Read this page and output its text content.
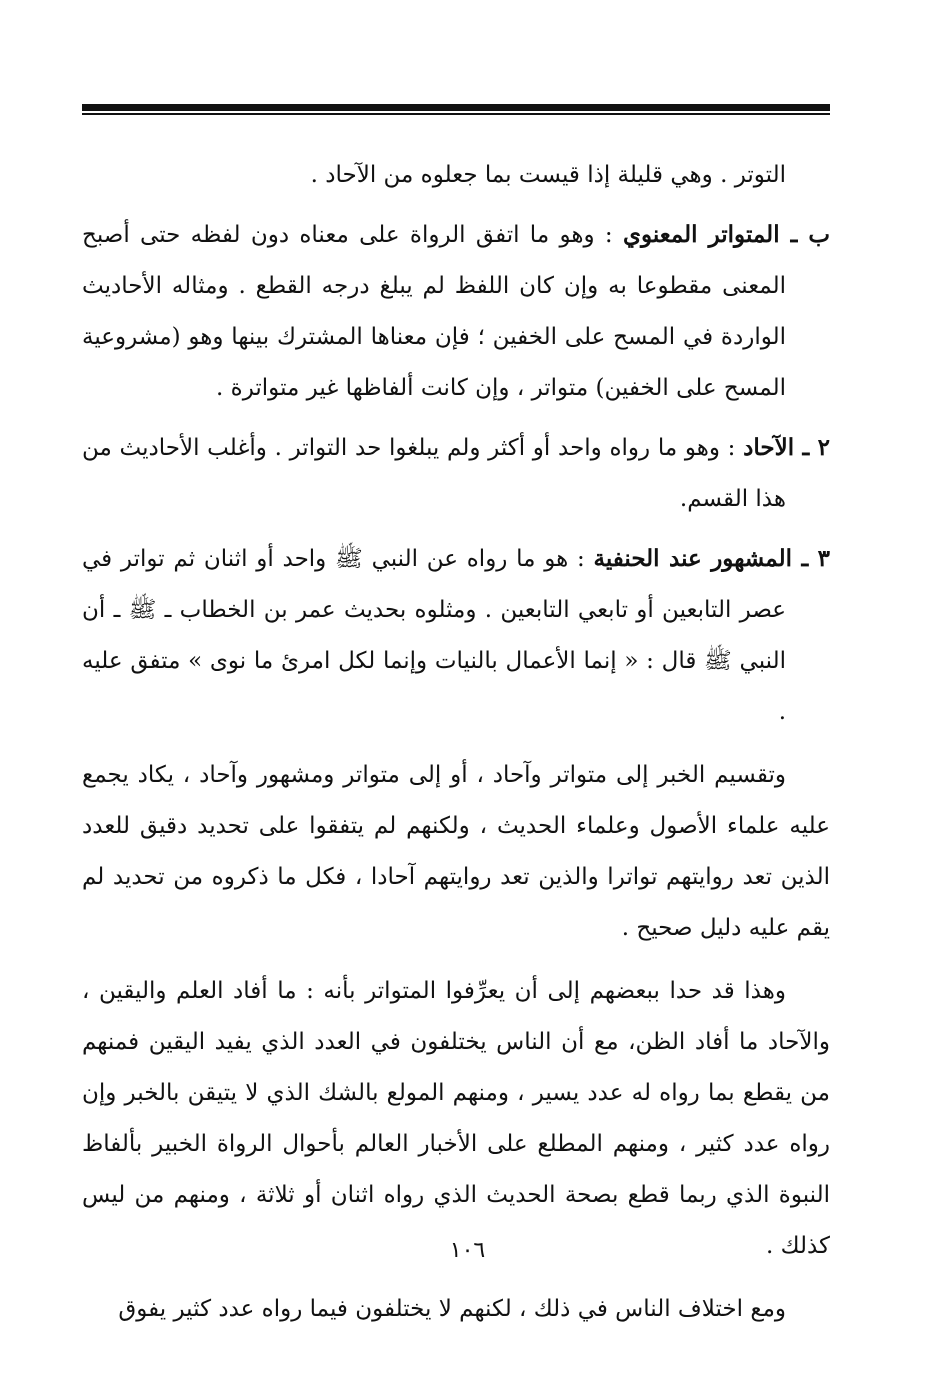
التوتر . وهي قليلة إذا قيست بما جعلوه من الآحاد .

ب ـ المتواتر المعنوي : وهو ما اتفق الرواة على معناه دون لفظه حتى أصبح المعنى مقطوعا به وإن كان اللفظ لم يبلغ درجه القطع . ومثاله الأحاديث الواردة في المسح على الخفين ؛ فإن معناها المشترك بينها وهو (مشروعية المسح على الخفين) متواتر ، وإن كانت ألفاظها غير متواترة .

٢ ـ الآحاد : وهو ما رواه واحد أو أكثر ولم يبلغوا حد التواتر . وأغلب الأحاديث من هذا القسم.

٣ ـ المشهور عند الحنفية : هو ما رواه عن النبي ﷺ واحد أو اثنان ثم تواتر في عصر التابعين أو تابعي التابعين . ومثلوه بحديث عمر بن الخطاب ـ ﷺ ـ أن النبي ﷺ قال : « إنما الأعمال بالنيات وإنما لكل امرئ ما نوى » متفق عليه .

وتقسيم الخبر إلى متواتر وآحاد ، أو إلى متواتر ومشهور وآحاد ، يكاد يجمع عليه علماء الأصول وعلماء الحديث ، ولكنهم لم يتفقوا على تحديد دقيق للعدد الذين تعد روايتهم تواترا والذين تعد روايتهم آحادا ، فكل ما ذكروه من تحديد لم يقم عليه دليل صحيح .

وهذا قد حدا ببعضهم إلى أن يعرِّفوا المتواتر بأنه : ما أفاد العلم واليقين ، والآحاد ما أفاد الظن، مع أن الناس يختلفون في العدد الذي يفيد اليقين فمنهم من يقطع بما رواه له عدد يسير ، ومنهم المولع بالشك الذي لا يتيقن بالخبر وإن رواه عدد كثير ، ومنهم المطلع على الأخبار العالم بأحوال الرواة الخبير بألفاظ النبوة الذي ربما قطع بصحة الحديث الذي رواه اثنان أو ثلاثة ، ومنهم من ليس كذلك .

ومع اختلاف الناس في ذلك ، لكنهم لا يختلفون فيما رواه عدد كثير يفوق

١٠٦
